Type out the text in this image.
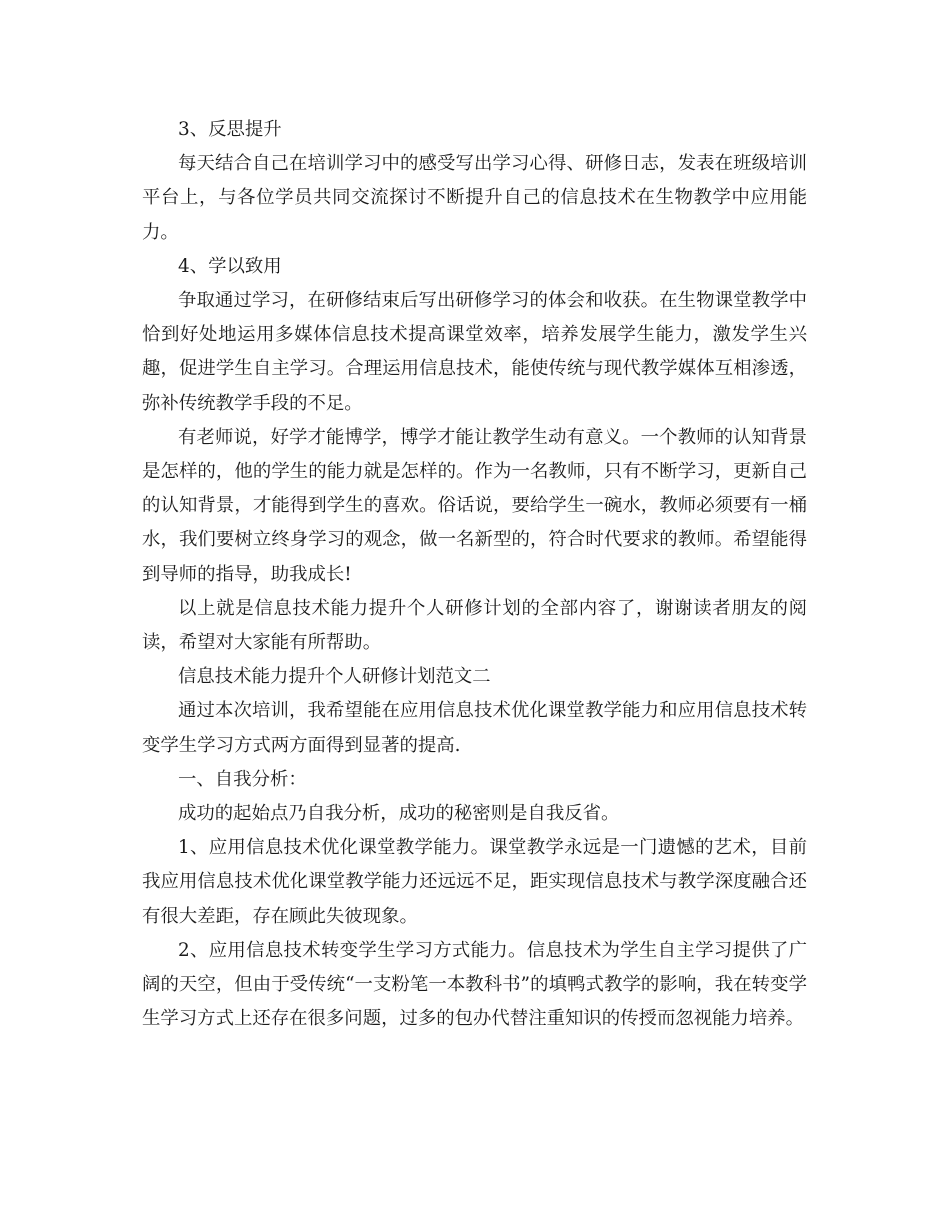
3、反思提升

每天结合自己在培训学习中的感受写出学习心得、研修日志，发表在班级培训平台上，与各位学员共同交流探讨不断提升自己的信息技术在生物教学中应用能力。

4、学以致用

争取通过学习，在研修结束后写出研修学习的体会和收获。在生物课堂教学中恰到好处地运用多媒体信息技术提高课堂效率，培养发展学生能力，激发学生兴趣，促进学生自主学习。合理运用信息技术，能使传统与现代教学媒体互相渗透，弥补传统教学手段的不足。

有老师说，好学才能博学，博学才能让教学生动有意义。一个教师的认知背景是怎样的，他的学生的能力就是怎样的。作为一名教师，只有不断学习，更新自己的认知背景，才能得到学生的喜欢。俗话说，要给学生一碗水，教师必须要有一桶水，我们要树立终身学习的观念，做一名新型的，符合时代要求的教师。希望能得到导师的指导，助我成长!

以上就是信息技术能力提升个人研修计划的全部内容了，谢谢读者朋友的阅读，希望对大家能有所帮助。

信息技术能力提升个人研修计划范文二

通过本次培训，我希望能在应用信息技术优化课堂教学能力和应用信息技术转变学生学习方式两方面得到显著的提高.

一、自我分析：

成功的起始点乃自我分析，成功的秘密则是自我反省。

1、应用信息技术优化课堂教学能力。课堂教学永远是一门遗憾的艺术，目前我应用信息技术优化课堂教学能力还远远不足，距实现信息技术与教学深度融合还有很大差距，存在顾此失彼现象。

2、应用信息技术转变学生学习方式能力。信息技术为学生自主学习提供了广阔的天空，但由于受传统“一支粉笔一本教科书”的填鸭式教学的影响，我在转变学生学习方式上还存在很多问题，过多的包办代替注重知识的传授而忽视能力培养。
